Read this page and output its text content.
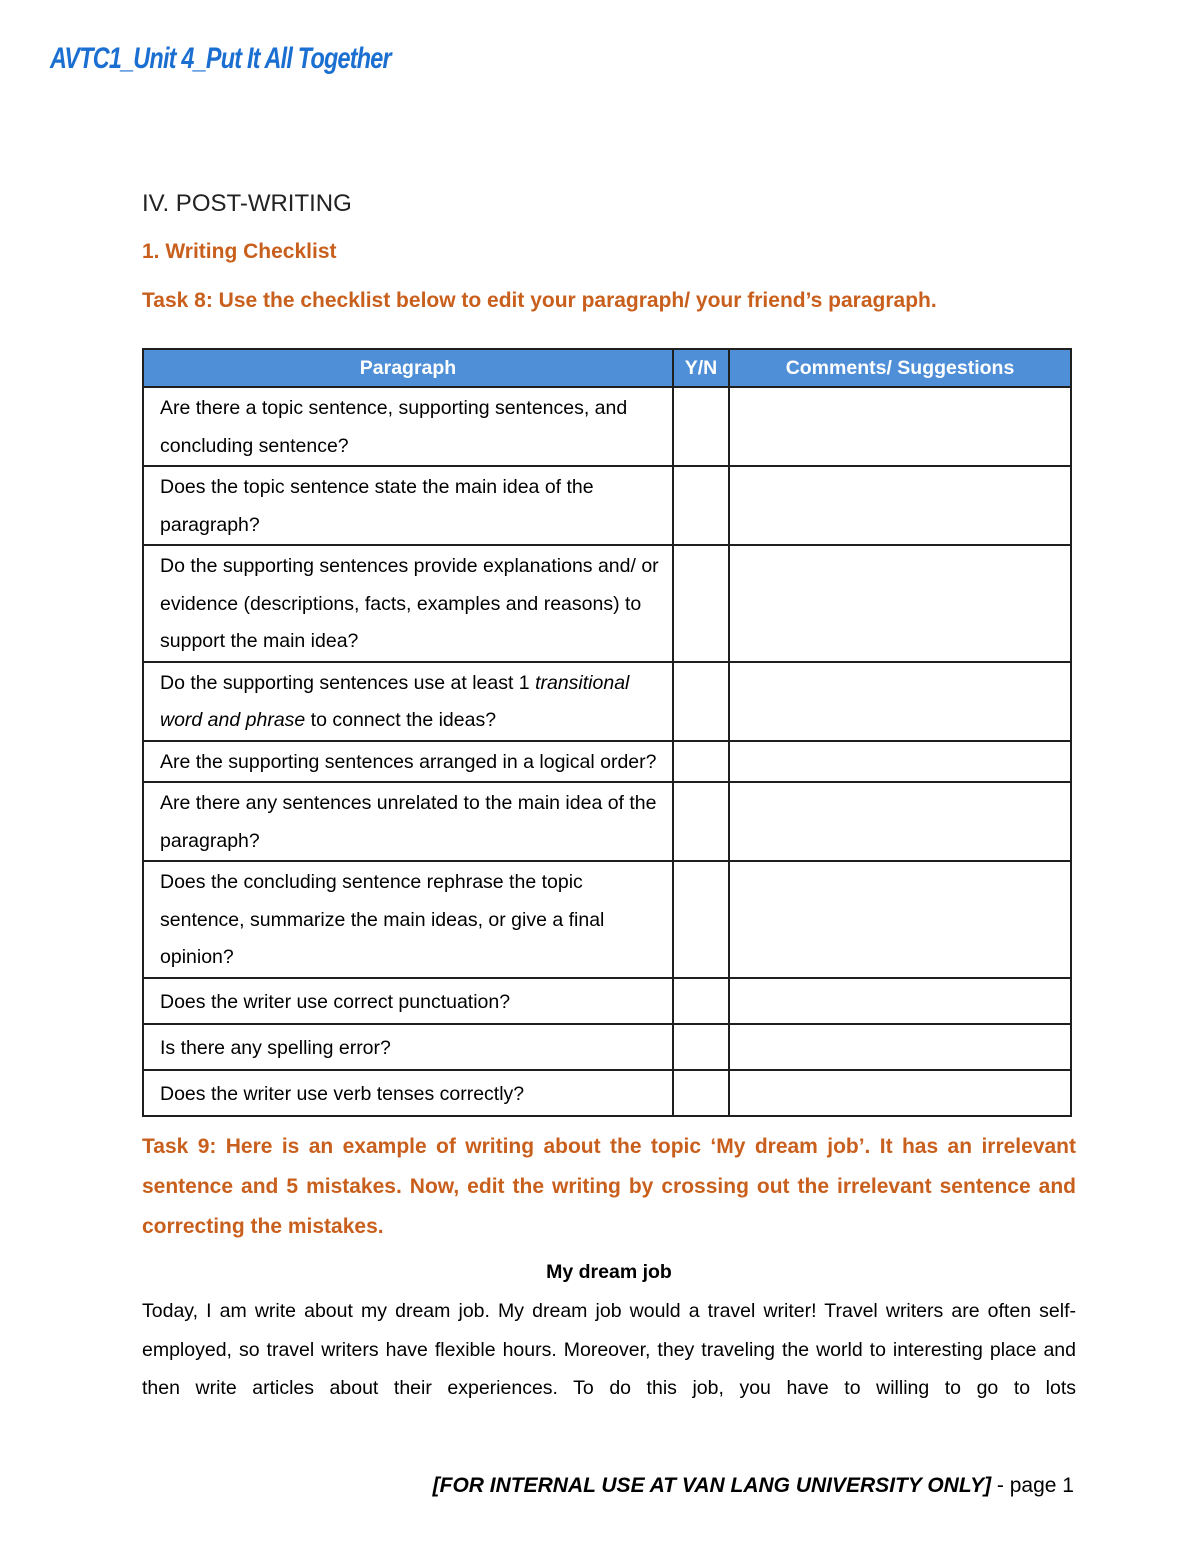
AVTC1_Unit 4_Put It All Together
IV. POST-WRITING
1. Writing Checklist
Task 8: Use the checklist below to edit your paragraph/ your friend’s paragraph.
Paragraph	Y/N	Comments/ Suggestions
Are there a topic sentence, supporting sentences, and concluding sentence?		
Does the topic sentence state the main idea of the paragraph?		
Do the supporting sentences provide explanations and/ or evidence (descriptions, facts, examples and reasons) to support the main idea?		
Do the supporting sentences use at least 1 transitional word and phrase to connect the ideas?		
Are the supporting sentences arranged in a logical order?		
Are there any sentences unrelated to the main idea of the paragraph?		
Does the concluding sentence rephrase the topic sentence, summarize the main ideas, or give a final opinion?		
Does the writer use correct punctuation?		
Is there any spelling error?		
Does the writer use verb tenses correctly?		
Task 9: Here is an example of writing about the topic ‘My dream job’. It has an irrelevant sentence and 5 mistakes. Now, edit the writing by crossing out the irrelevant sentence and correcting the mistakes.
My dream job
Today, I am write about my dream job. My dream job would a travel writer! Travel writers are often self-employed, so travel writers have flexible hours. Moreover, they traveling the world to interesting place and then write articles about their experiences. To do this job, you have to willing to go to lots
[FOR INTERNAL USE AT VAN LANG UNIVERSITY ONLY] - page 1
